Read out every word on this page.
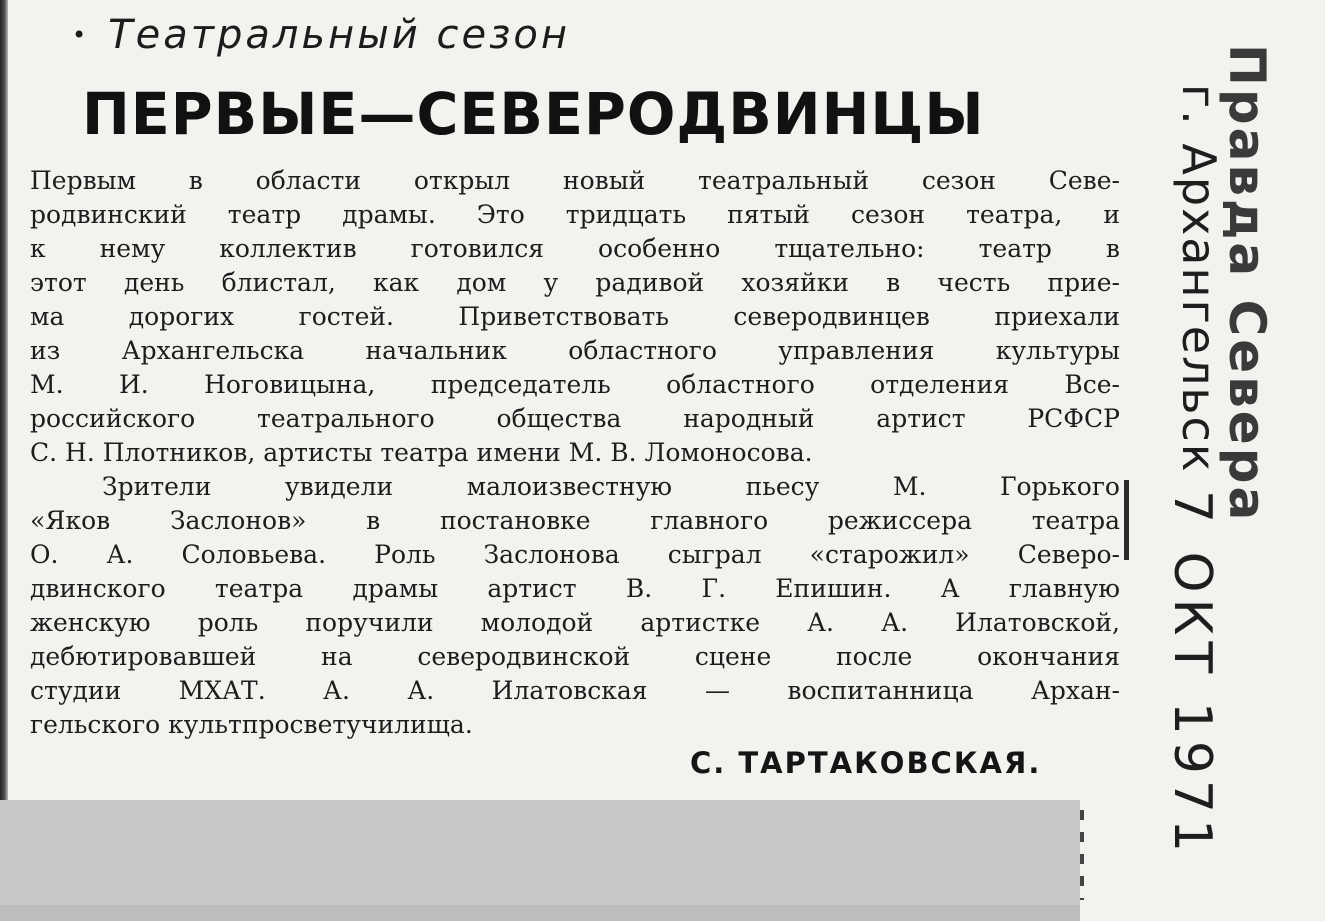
• Театральный сезон
ПЕРВЫЕ—СЕВЕРОДВИНЦЫ
Первым в области открыл новый театральный сезон Севе-
родвинский театр драмы. Это тридцать пятый сезон театра, и
к нему коллектив готовился особенно тщательно: театр в
этот день блистал, как дом у радивой хозяйки в честь прие-
ма дорогих гостей. Приветствовать северодвинцев приехали
из Архангельска начальник областного управления культуры
М. И. Ноговицына, председатель областного отделения Все-
российского театрального общества народный артист РСФСР
С. Н. Плотников, артисты театра имени М. В. Ломоносова.
Зрители увидели малоизвестную пьесу М. Горького
«Яков Заслонов» в постановке главного режиссера театра
О. А. Соловьева. Роль Заслонова сыграл «старожил» Северо-
двинского театра драмы артист В. Г. Епишин. А главную
женскую роль поручили молодой артистке А. А. Илатовской,
дебютировавшей на северодвинской сцене после окончания
студии МХАТ. А. А. Илатовская — воспитанница Архан-
гельского культпросветучилища.
С. ТАРТАКОВСКАЯ.
Правда Севера
г. Архангельск
7 ОКТ 1971
